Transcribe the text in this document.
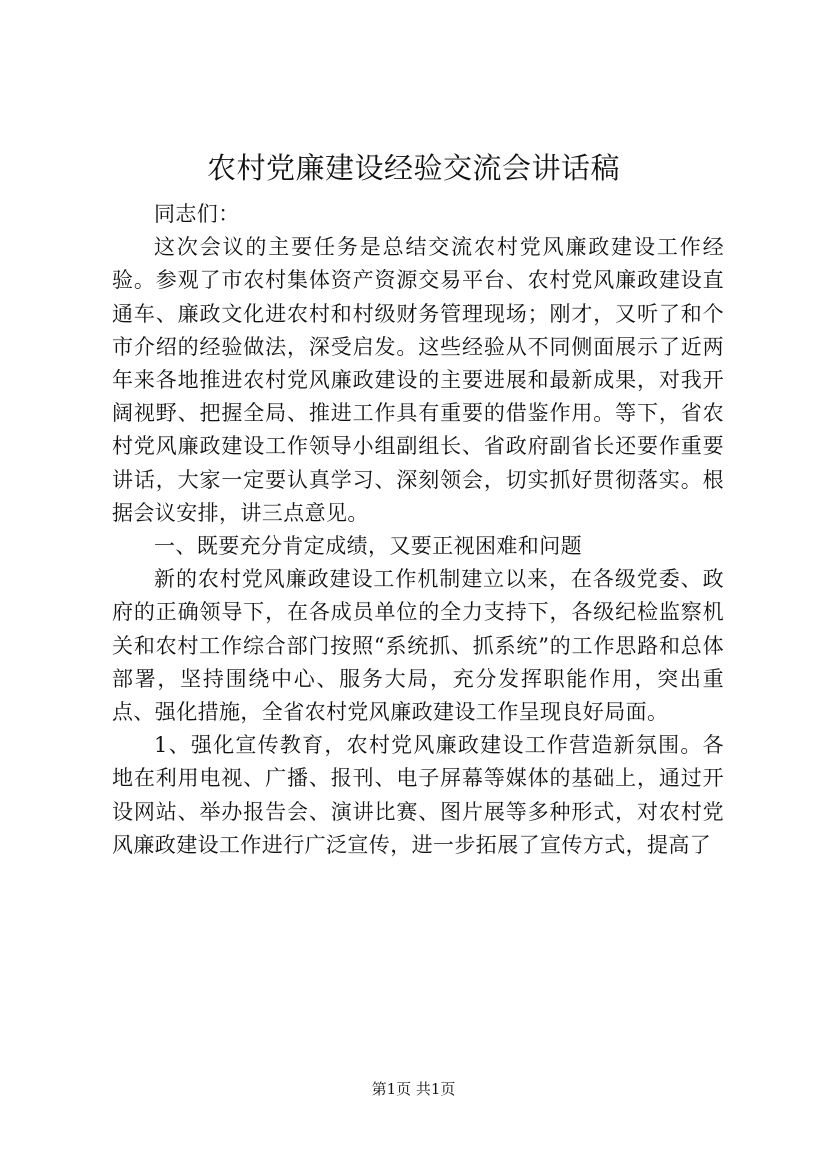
农村党廉建设经验交流会讲话稿

同志们：

这次会议的主要任务是总结交流农村党风廉政建设工作经验。参观了市农村集体资产资源交易平台、农村党风廉政建设直通车、廉政文化进农村和村级财务管理现场；刚才，又听了和个市介绍的经验做法，深受启发。这些经验从不同侧面展示了近两年来各地推进农村党风廉政建设的主要进展和最新成果，对我开阔视野、把握全局、推进工作具有重要的借鉴作用。等下，省农村党风廉政建设工作领导小组副组长、省政府副省长还要作重要讲话，大家一定要认真学习、深刻领会，切实抓好贯彻落实。根据会议安排，讲三点意见。

一、既要充分肯定成绩，又要正视困难和问题

新的农村党风廉政建设工作机制建立以来，在各级党委、政府的正确领导下，在各成员单位的全力支持下，各级纪检监察机关和农村工作综合部门按照“系统抓、抓系统”的工作思路和总体部署，坚持围绕中心、服务大局，充分发挥职能作用，突出重点、强化措施，全省农村党风廉政建设工作呈现良好局面。

1、强化宣传教育，农村党风廉政建设工作营造新氛围。各地在利用电视、广播、报刊、电子屏幕等媒体的基础上，通过开设网站、举办报告会、演讲比赛、图片展等多种形式，对农村党风廉政建设工作进行广泛宣传，进一步拓展了宣传方式，提高了

第1页 共1页
